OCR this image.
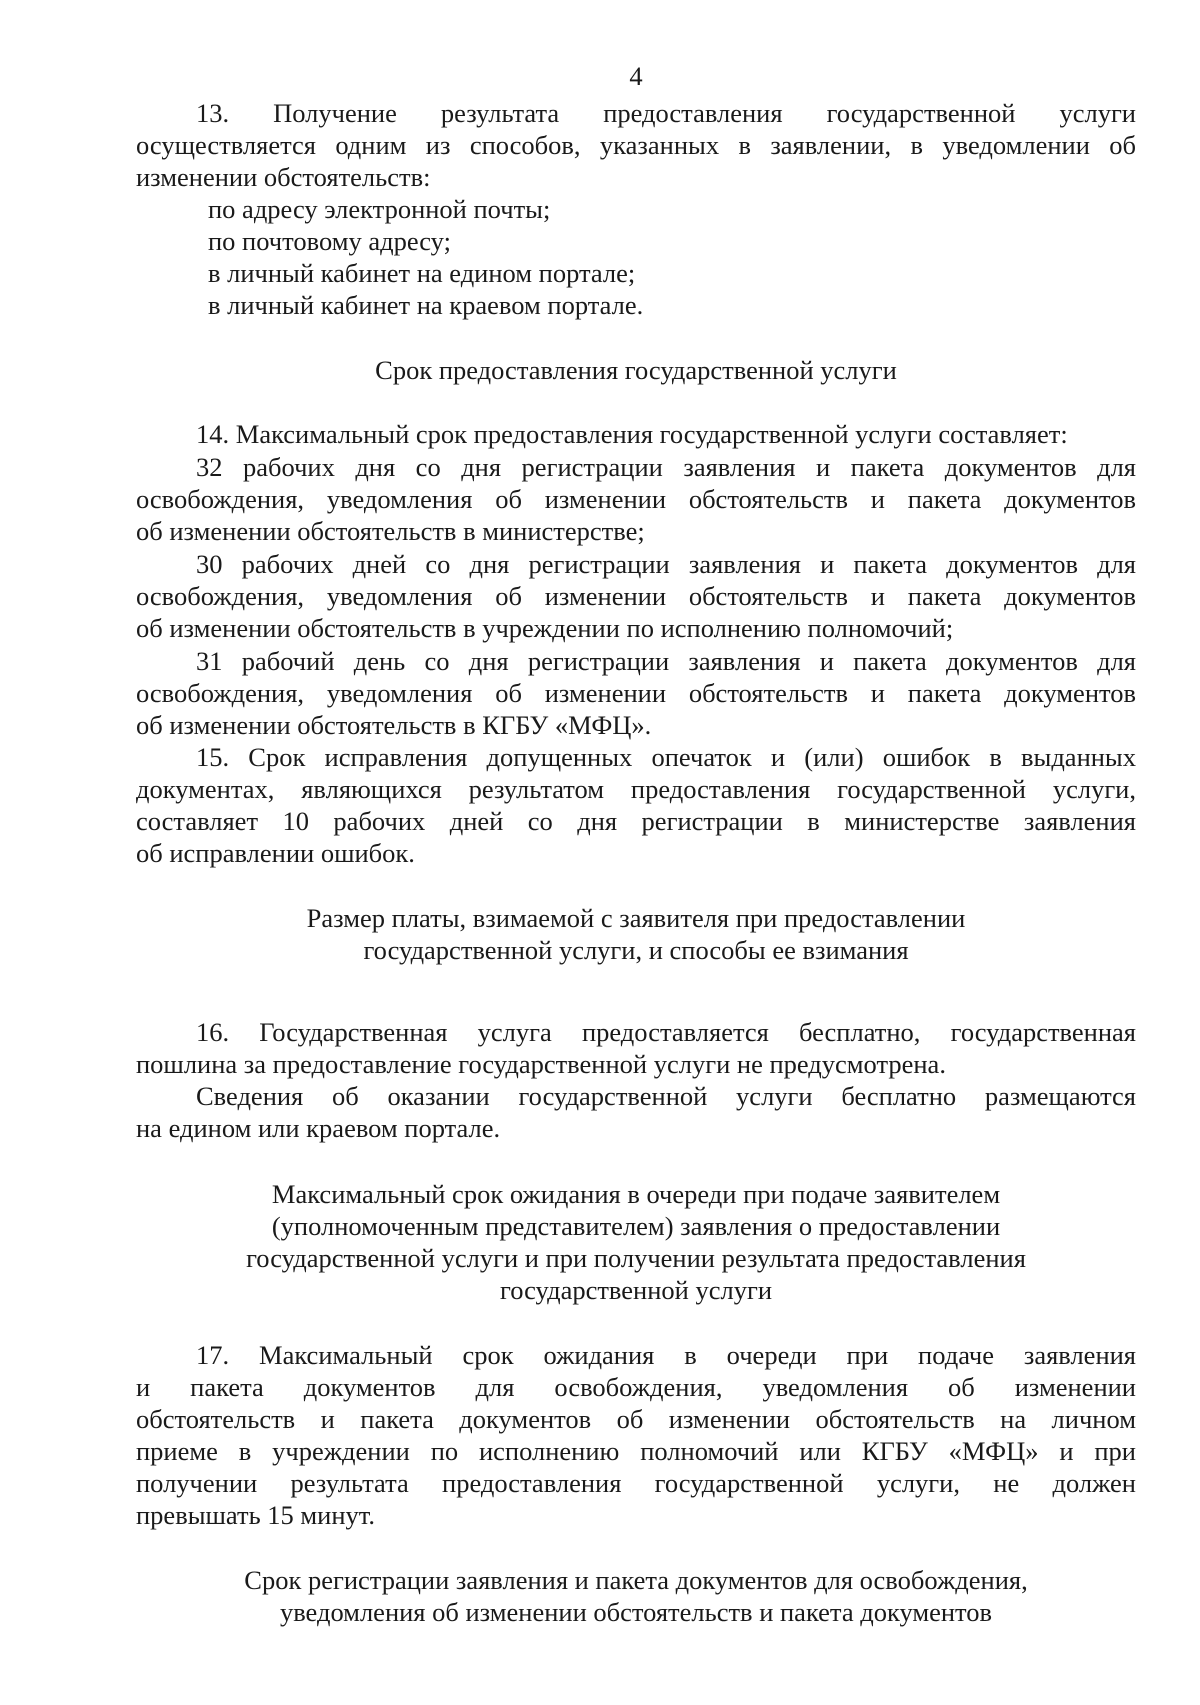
4
13. Получение результата предоставления государственной услуги
осуществляется одним из способов, указанных в заявлении, в уведомлении об
изменении обстоятельств:
по адресу электронной почты;
по почтовому адресу;
в личный кабинет на едином портале;
в личный кабинет на краевом портале.
Срок предоставления государственной услуги
14. Максимальный срок предоставления государственной услуги составляет:
32 рабочих дня со дня регистрации заявления и пакета документов для
освобождения, уведомления об изменении обстоятельств и пакета документов
об изменении обстоятельств в министерстве;
30 рабочих дней со дня регистрации заявления и пакета документов для
освобождения, уведомления об изменении обстоятельств и пакета документов
об изменении обстоятельств в учреждении по исполнению полномочий;
31 рабочий день со дня регистрации заявления и пакета документов для
освобождения, уведомления об изменении обстоятельств и пакета документов
об изменении обстоятельств в КГБУ «МФЦ».
15. Срок исправления допущенных опечаток и (или) ошибок в выданных
документах, являющихся результатом предоставления государственной услуги,
составляет 10 рабочих дней со дня регистрации в министерстве заявления
об исправлении ошибок.
Размер платы, взимаемой с заявителя при предоставлении
государственной услуги, и способы ее взимания
16. Государственная услуга предоставляется бесплатно, государственная
пошлина за предоставление государственной услуги не предусмотрена.
Сведения об оказании государственной услуги бесплатно размещаются
на едином или краевом портале.
Максимальный срок ожидания в очереди при подаче заявителем
(уполномоченным представителем) заявления о предоставлении
государственной услуги и при получении результата предоставления
государственной услуги
17. Максимальный срок ожидания в очереди при подаче заявления
и пакета документов для освобождения, уведомления об изменении
обстоятельств и пакета документов об изменении обстоятельств на личном
приеме в учреждении по исполнению полномочий или КГБУ «МФЦ» и при
получении результата предоставления государственной услуги, не должен
превышать 15 минут.
Срок регистрации заявления и пакета документов для освобождения,
уведомления об изменении обстоятельств и пакета документов
